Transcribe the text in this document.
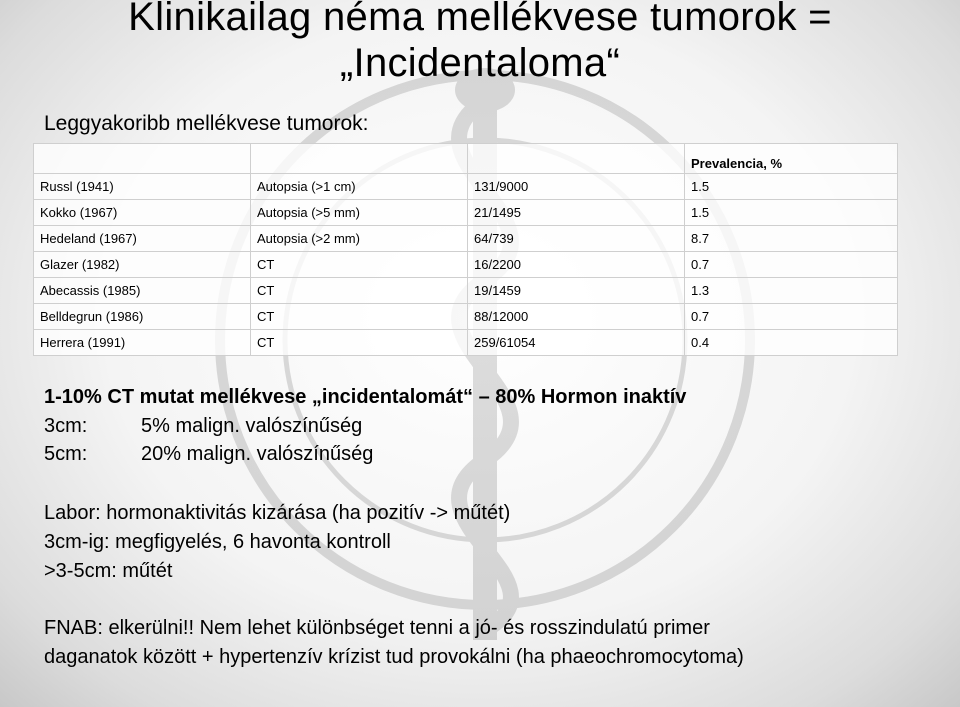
Klinikailag néma mellékvese tumorok =
„Incidentaloma“
Leggyakoribb mellékvese tumorok:
			Prevalencia, %
Russl (1941)	Autopsia (>1 cm)	131/9000	1.5
Kokko (1967)	Autopsia (>5 mm)	21/1495	1.5
Hedeland (1967)	Autopsia (>2 mm)	64/739	8.7
Glazer (1982)	CT	16/2200	0.7
Abecassis (1985)	CT	19/1459	1.3
Belldegrun (1986)	CT	88/12000	0.7
Herrera (1991)	CT	259/61054	0.4
1-10% CT mutat mellékvese „incidentalomát“ – 80% Hormon inaktív
3cm:	5% malign. valószínűség
5cm:	20% malign. valószínűség
Labor: hormonaktivitás kizárása (ha pozitív -> műtét)
3cm-ig: megfigyelés, 6 havonta kontroll
>3-5cm: műtét
FNAB: elkerülni!! Nem lehet különbséget tenni a jó- és rosszindulatú primer
daganatok között + hypertenzív krízist tud provokálni (ha phaeochromocytoma)
